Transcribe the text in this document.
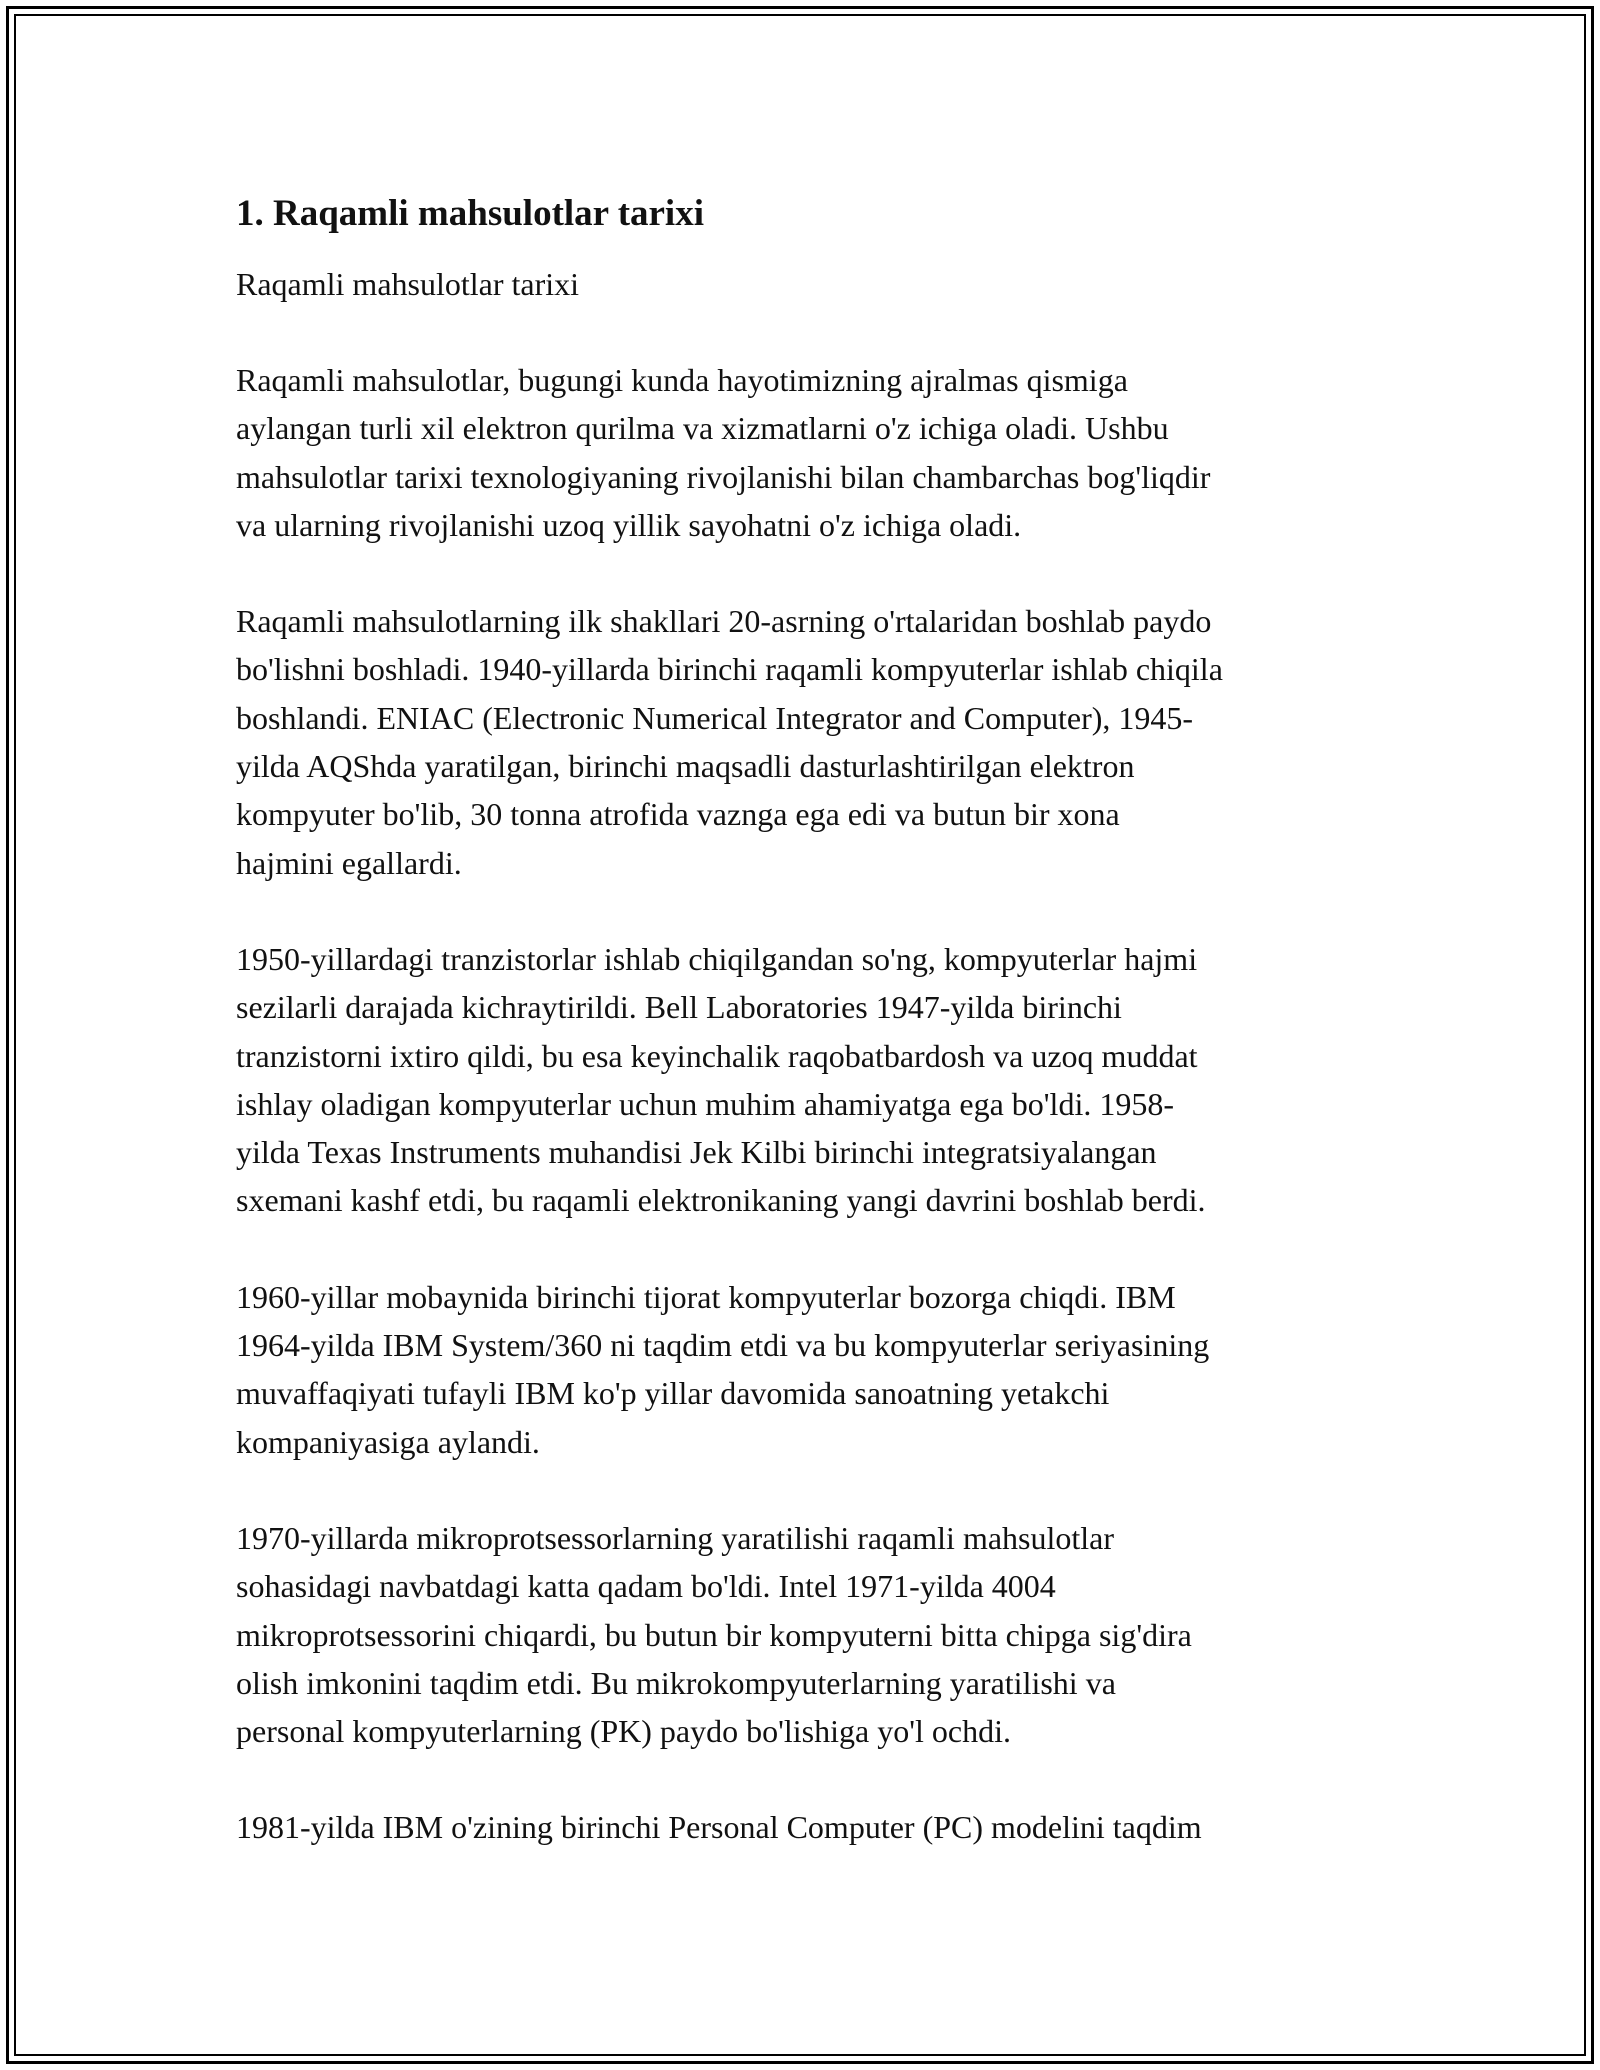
1. Raqamli mahsulotlar tarixi
Raqamli mahsulotlar tarixi
Raqamli mahsulotlar, bugungi kunda hayotimizning ajralmas qismiga
aylangan turli xil elektron qurilma va xizmatlarni o'z ichiga oladi. Ushbu
mahsulotlar tarixi texnologiyaning rivojlanishi bilan chambarchas bog'liqdir
va ularning rivojlanishi uzoq yillik sayohatni o'z ichiga oladi.
Raqamli mahsulotlarning ilk shakllari 20-asrning o'rtalaridan boshlab paydo
bo'lishni boshladi. 1940-yillarda birinchi raqamli kompyuterlar ishlab chiqila
boshlandi. ENIAC (Electronic Numerical Integrator and Computer), 1945-
yilda AQShda yaratilgan, birinchi maqsadli dasturlashtirilgan elektron
kompyuter bo'lib, 30 tonna atrofida vaznga ega edi va butun bir xona
hajmini egallardi.
1950-yillardagi tranzistorlar ishlab chiqilgandan so'ng, kompyuterlar hajmi
sezilarli darajada kichraytirildi. Bell Laboratories 1947-yilda birinchi
tranzistorni ixtiro qildi, bu esa keyinchalik raqobatbardosh va uzoq muddat
ishlay oladigan kompyuterlar uchun muhim ahamiyatga ega bo'ldi. 1958-
yilda Texas Instruments muhandisi Jek Kilbi birinchi integratsiyalangan
sxemani kashf etdi, bu raqamli elektronikaning yangi davrini boshlab berdi.
1960-yillar mobaynida birinchi tijorat kompyuterlar bozorga chiqdi. IBM
1964-yilda IBM System/360 ni taqdim etdi va bu kompyuterlar seriyasining
muvaffaqiyati tufayli IBM ko'p yillar davomida sanoatning yetakchi
kompaniyasiga aylandi.
1970-yillarda mikroprotsessorlarning yaratilishi raqamli mahsulotlar
sohasidagi navbatdagi katta qadam bo'ldi. Intel 1971-yilda 4004
mikroprotsessorini chiqardi, bu butun bir kompyuterni bitta chipga sig'dira
olish imkonini taqdim etdi. Bu mikrokompyuterlarning yaratilishi va
personal kompyuterlarning (PK) paydo bo'lishiga yo'l ochdi.
1981-yilda IBM o'zining birinchi Personal Computer (PC) modelini taqdim
